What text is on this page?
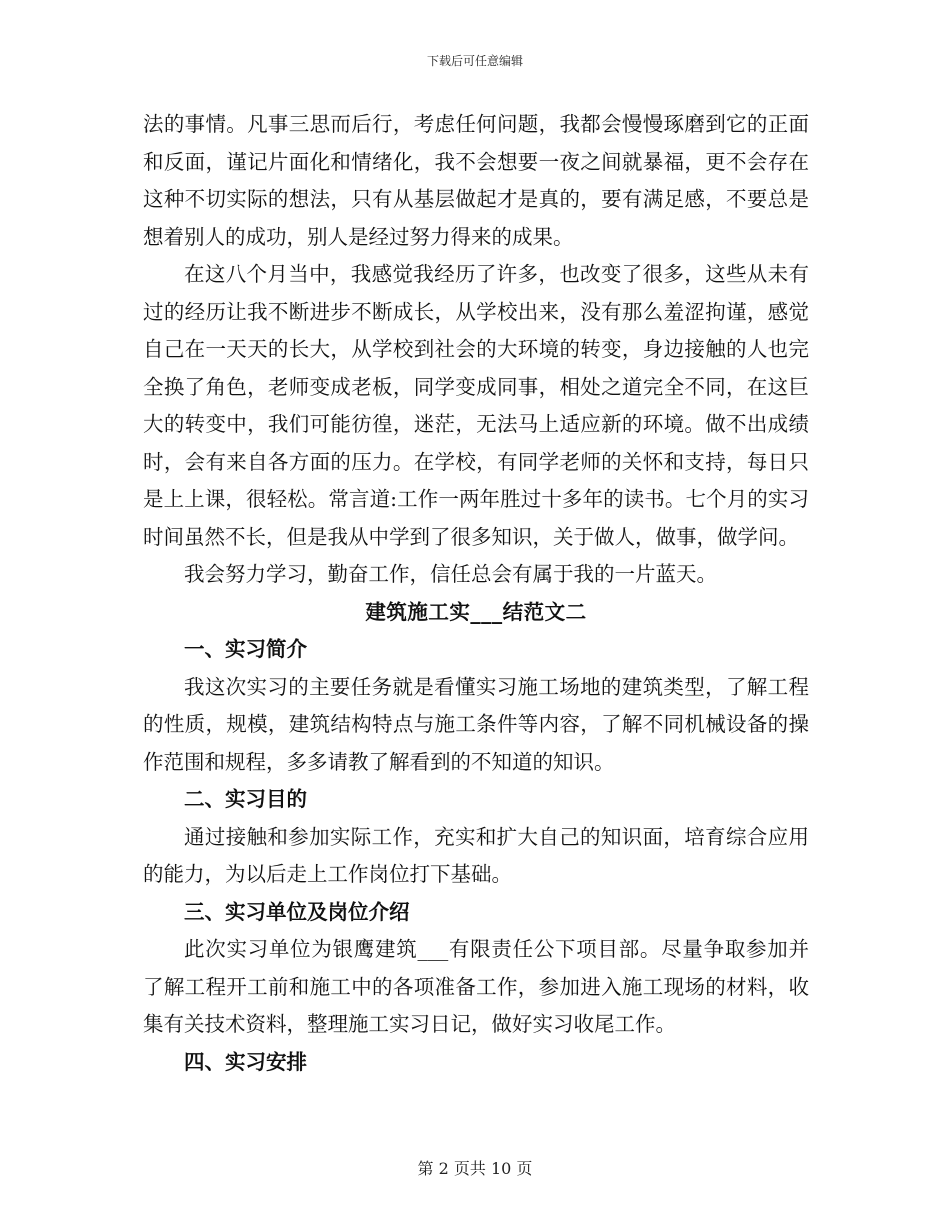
下载后可任意编辑

法的事情。凡事三思而后行，考虑任何问题，我都会慢慢琢磨到它的正面和反面，谨记片面化和情绪化，我不会想要一夜之间就暴福，更不会存在这种不切实际的想法，只有从基层做起才是真的，要有满足感，不要总是想着别人的成功，别人是经过努力得来的成果。

在这八个月当中，我感觉我经历了许多，也改变了很多，这些从未有过的经历让我不断进步不断成长，从学校出来，没有那么羞涩拘谨，感觉自己在一天天的长大，从学校到社会的大环境的转变，身边接触的人也完全换了角色，老师变成老板，同学变成同事，相处之道完全不同，在这巨大的转变中，我们可能彷徨，迷茫，无法马上适应新的环境。做不出成绩时，会有来自各方面的压力。在学校，有同学老师的关怀和支持，每日只是上上课，很轻松。常言道:工作一两年胜过十多年的读书。七个月的实习时间虽然不长，但是我从中学到了很多知识，关于做人，做事，做学问。

我会努力学习，勤奋工作，信任总会有属于我的一片蓝天。

建筑施工实___结范文二
一、实习简介

我这次实习的主要任务就是看懂实习施工场地的建筑类型，了解工程的性质，规模，建筑结构特点与施工条件等内容，了解不同机械设备的操作范围和规程，多多请教了解看到的不知道的知识。

二、实习目的

通过接触和参加实际工作，充实和扩大自己的知识面，培育综合应用的能力，为以后走上工作岗位打下基础。

三、实习单位及岗位介绍

此次实习单位为银鹰建筑___有限责任公下项目部。尽量争取参加并了解工程开工前和施工中的各项准备工作，参加进入施工现场的材料，收集有关技术资料，整理施工实习日记，做好实习收尾工作。

四、实习安排
第 2 页共 10 页
